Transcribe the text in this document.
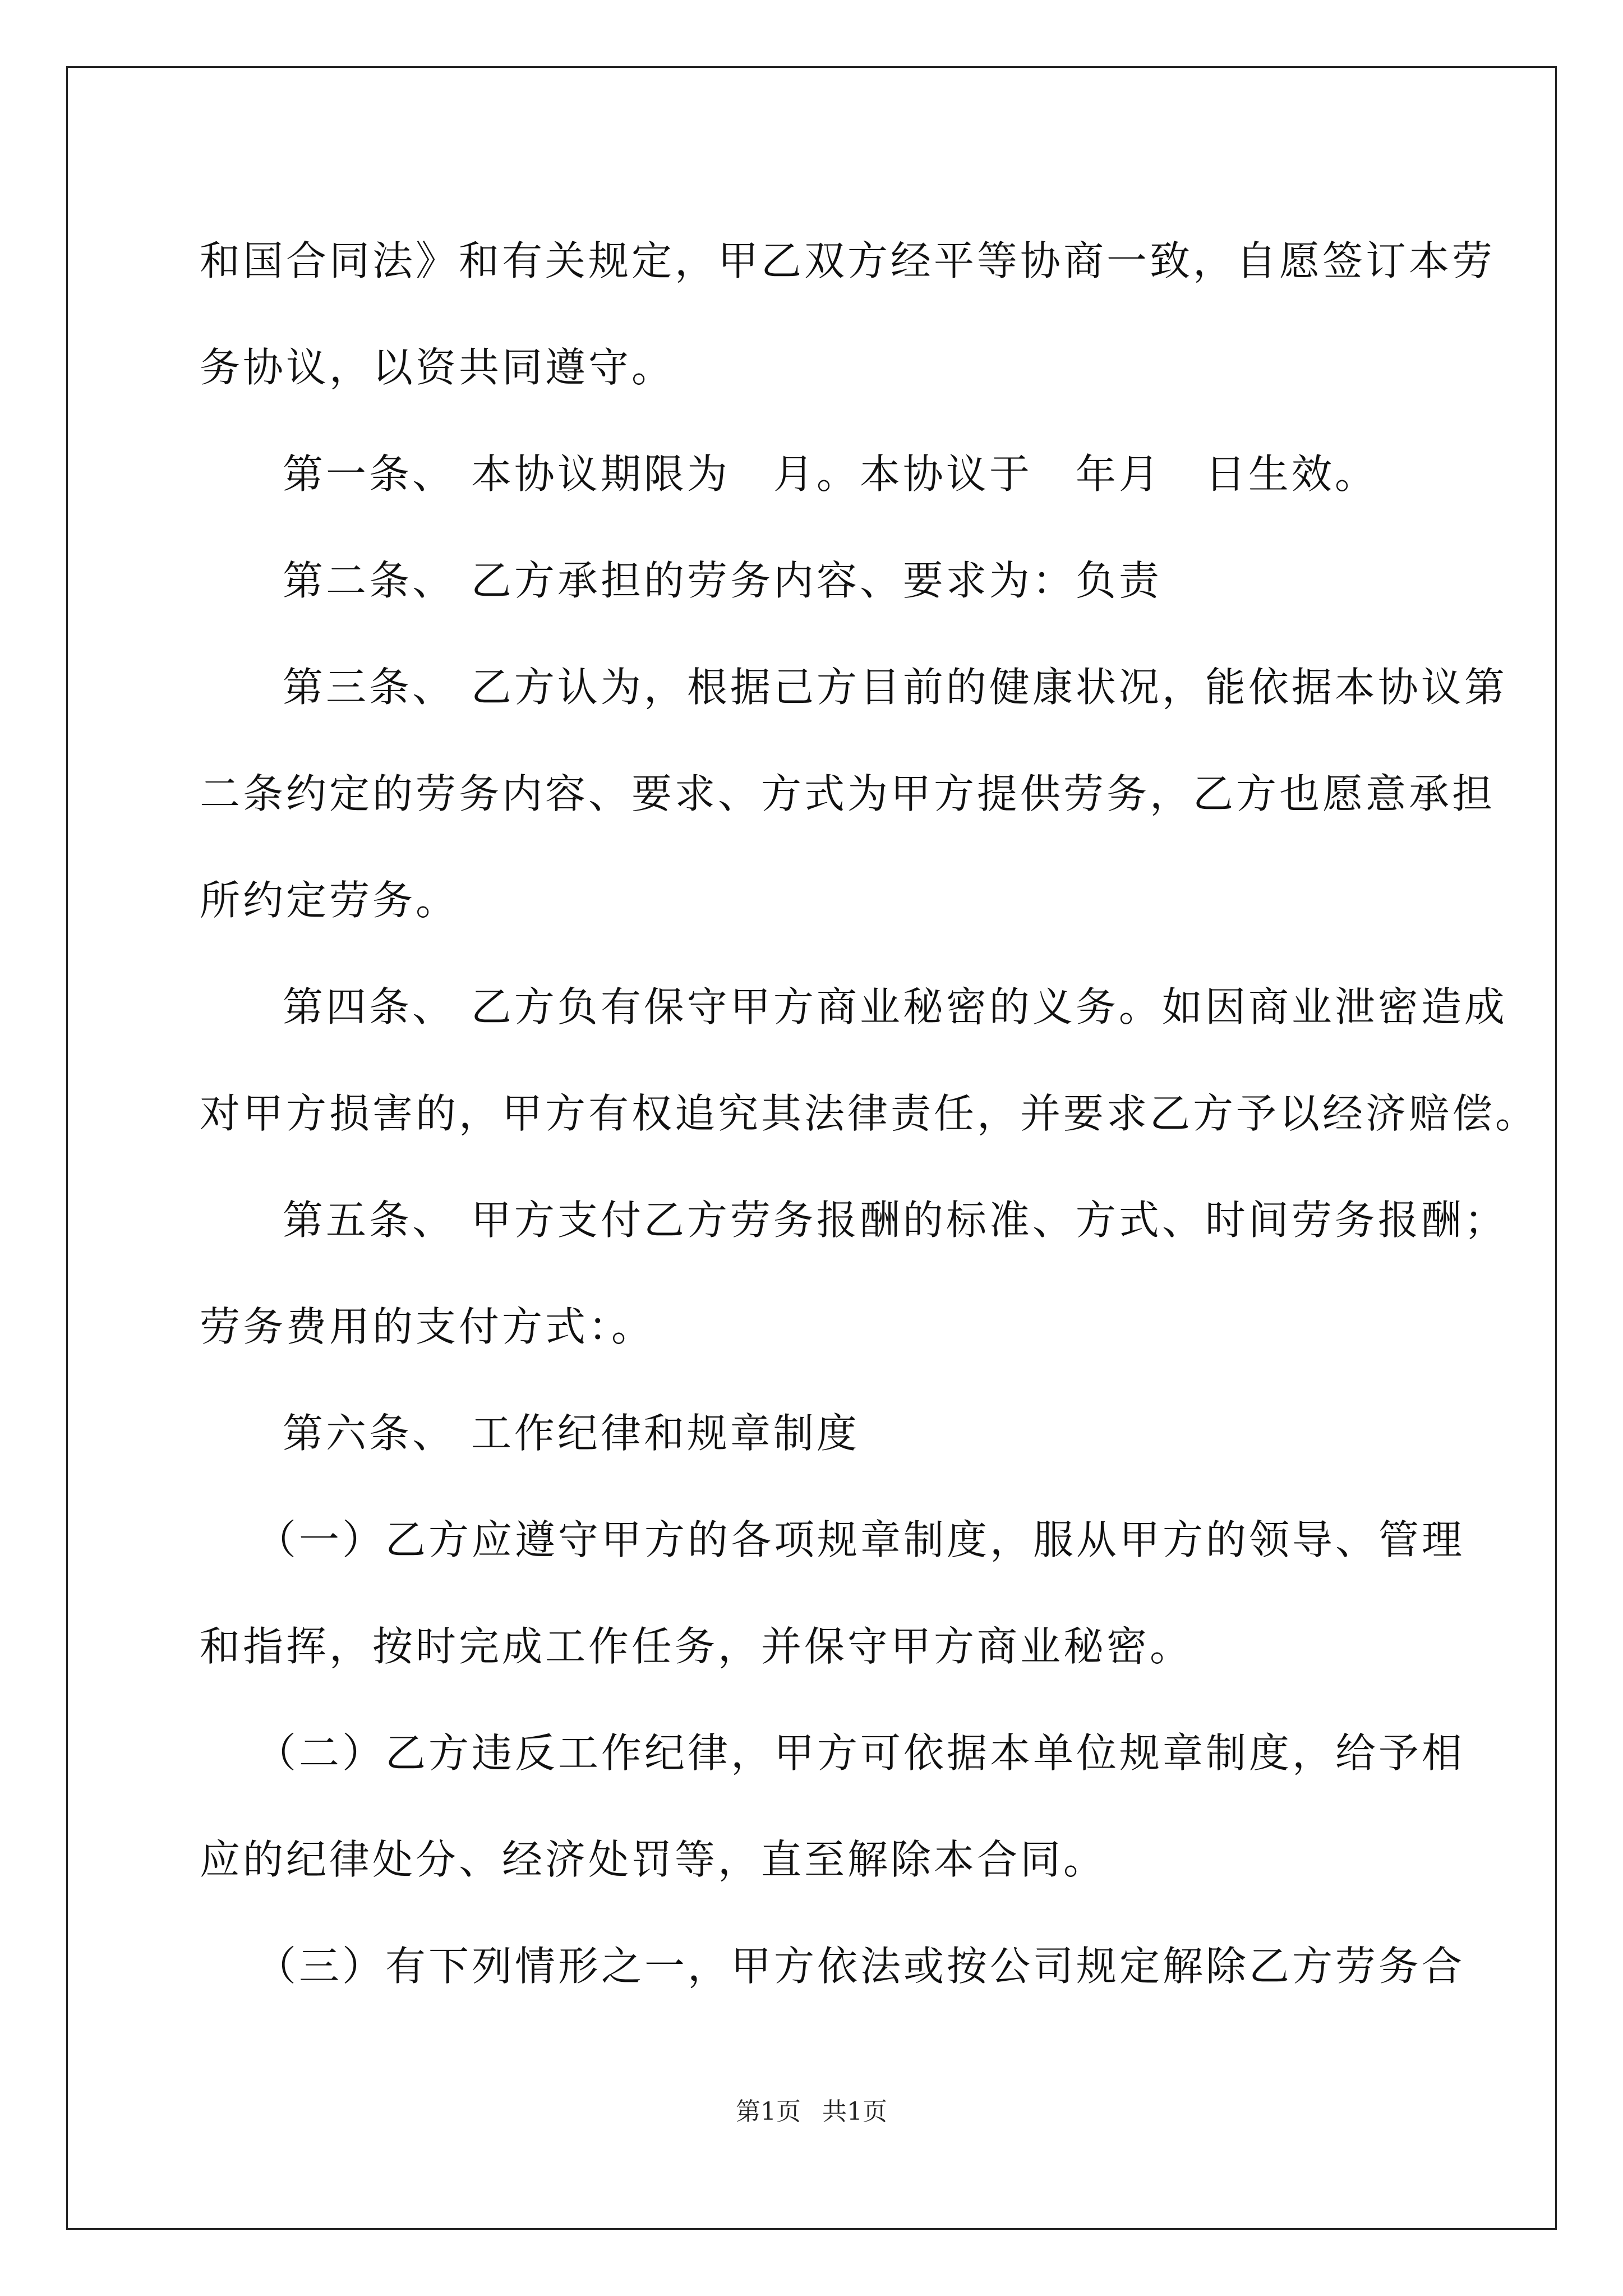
和国合同法》和有关规定，甲乙双方经平等协商一致，自愿签订本劳

务协议，以资共同遵守。

第一条、 本协议期限为　月。本协议于　年月　日生效。

第二条、 乙方承担的劳务内容、要求为：负责

第三条、 乙方认为，根据己方目前的健康状况，能依据本协议第

二条约定的劳务内容、要求、方式为甲方提供劳务，乙方也愿意承担

所约定劳务。

第四条、 乙方负有保守甲方商业秘密的义务。如因商业泄密造成

对甲方损害的，甲方有权追究其法律责任，并要求乙方予以经济赔偿。

第五条、 甲方支付乙方劳务报酬的标准、方式、时间劳务报酬；

劳务费用的支付方式：。

第六条、 工作纪律和规章制度

（一）乙方应遵守甲方的各项规章制度，服从甲方的领导、管理

和指挥，按时完成工作任务，并保守甲方商业秘密。

（二）乙方违反工作纪律，甲方可依据本单位规章制度，给予相

应的纪律处分、经济处罚等，直至解除本合同。

（三）有下列情形之一，甲方依法或按公司规定解除乙方劳务合

第1页 共1页
